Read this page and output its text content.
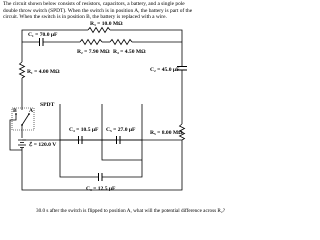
The circuit shown below consists of resistors, capacitors, a battery, and a single pole double throw switch (SPDT). When the switch is in position A, the battery is part of the circuit. When the switch is in position B, the battery is replaced with a wire.
R₃ = 10.0 MΩ
C₁ = 70.0 μF
R₂ = 7.90 MΩ R₄ = 4.50 MΩ
R₁ = 4.00 MΩ	C₂ = 45.0 μF
SPDT
B A
R₅ = 8.00 MΩ
ℰ = 120.0 V
C₄ = 10.5 μF C₅ = 27.0 μF
C₃ = 12.5 μF
30.0 s after the switch is flipped to position A, what will the potential difference across R₂?
